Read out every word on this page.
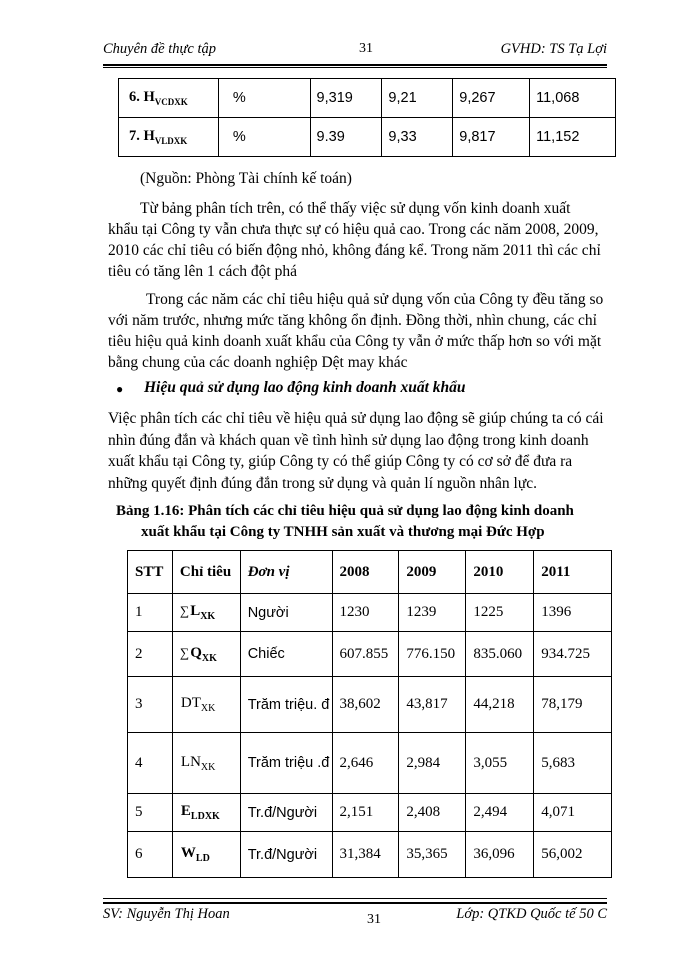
Chuyên đề thực tập	31	GVHD: TS Tạ Lợi
6. $H_{VCDXK}$	%	9,319	9,21	9,267	11,068
7. $H_{VLDXK}$	%	9.39	9,33	9,817	11,152
(Nguồn: Phòng Tài chính kế toán)
Từ bảng phân tích trên, có thể thấy việc sử dụng vốn kinh doanh xuất
khẩu tại Công ty vẫn chưa thực sự có hiệu quả cao. Trong các năm 2008, 2009,
2010 các chỉ tiêu có biến động nhỏ, không đáng kể. Trong năm 2011 thì các chỉ
tiêu có tăng lên 1 cách đột phá
Trong các năm các chỉ tiêu hiệu quả sử dụng vốn của Công ty đều tăng so
với năm trước, nhưng mức tăng không ổn định. Đồng thời, nhìn chung, các chỉ
tiêu hiệu quả kinh doanh xuất khẩu của Công ty vẫn ở mức thấp hơn so với mặt
bằng chung của các doanh nghiệp Dệt may khác
● Hiệu quả sử dụng lao động kinh doanh xuất khẩu
Việc phân tích các chỉ tiêu về hiệu quả sử dụng lao động sẽ giúp chúng ta có cái
nhìn đúng đắn và khách quan về tình hình sử dụng lao động trong kinh doanh
xuất khẩu tại Công ty, giúp Công ty có thể giúp Công ty có cơ sở để đưa ra
những quyết định đúng đắn trong sử dụng và quản lí nguồn nhân lực.
Bảng 1.16: Phân tích các chỉ tiêu hiệu quả sử dụng lao động kinh doanh
xuất khẩu tại Công ty TNHH sản xuất và thương mại Đức Hợp
STT	Chỉ tiêu	Đơn vị	2008	2009	2010	2011
1	$\sum L_{XK}$	Người	1230	1239	1225	1396
2	$\sum Q_{XK}$	Chiếc	607.855	776.150	835.060	934.725
3	$DT_{XK}$	Trăm triệu. đ	38,602	43,817	44,218	78,179
4	$LN_{XK}$	Trăm triệu .đ	2,646	2,984	3,055	5,683
5	$E_{LDXK}$	Tr.đ/Người	2,151	2,408	2,494	4,071
6	$W_{LD}$	Tr.đ/Người	31,384	35,365	36,096	56,002
SV: Nguyễn Thị Hoan	31	Lớp: QTKD Quốc tế 50 C
